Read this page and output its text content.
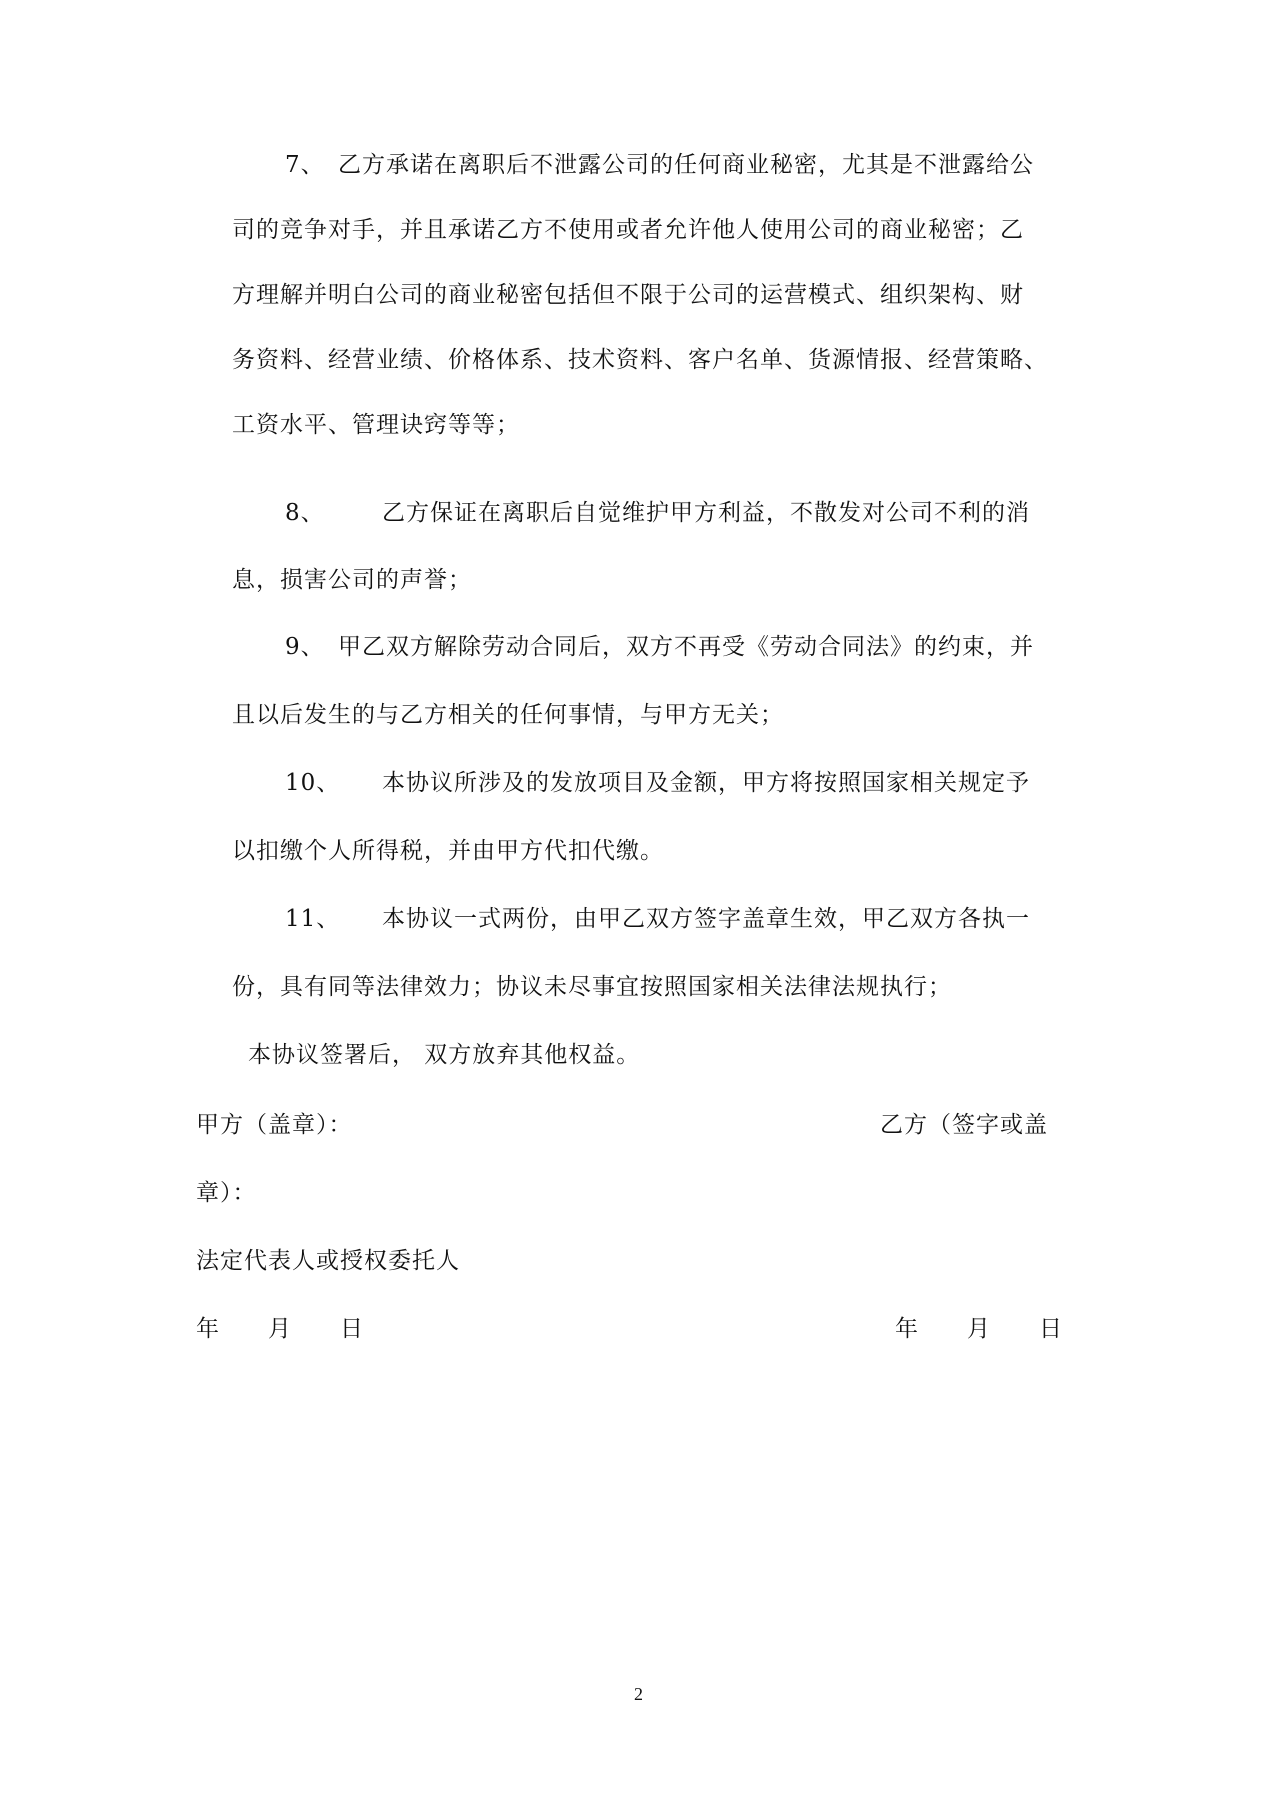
7、 乙方承诺在离职后不泄露公司的任何商业秘密，尤其是不泄露给公
司的竞争对手，并且承诺乙方不使用或者允许他人使用公司的商业秘密；乙
方理解并明白公司的商业秘密包括但不限于公司的运营模式、组织架构、财
务资料、经营业绩、价格体系、技术资料、客户名单、货源情报、经营策略、
工资水平、管理诀窍等等；
8、 乙方保证在离职后自觉维护甲方利益，不散发对公司不利的消
息，损害公司的声誉；
9、 甲乙双方解除劳动合同后，双方不再受《劳动合同法》的约束，并
且以后发生的与乙方相关的任何事情，与甲方无关；
10、 本协议所涉及的发放项目及金额，甲方将按照国家相关规定予
以扣缴个人所得税，并由甲方代扣代缴。
11、 本协议一式两份，由甲乙双方签字盖章生效，甲乙双方各执一
份，具有同等法律效力；协议未尽事宜按照国家相关法律法规执行；
本协议签署后， 双方放弃其他权益。
甲方（盖章）：	乙方（签字或盖
章）：
法定代表人或授权委托人
年　　月　　日	年　　月　　日
2
